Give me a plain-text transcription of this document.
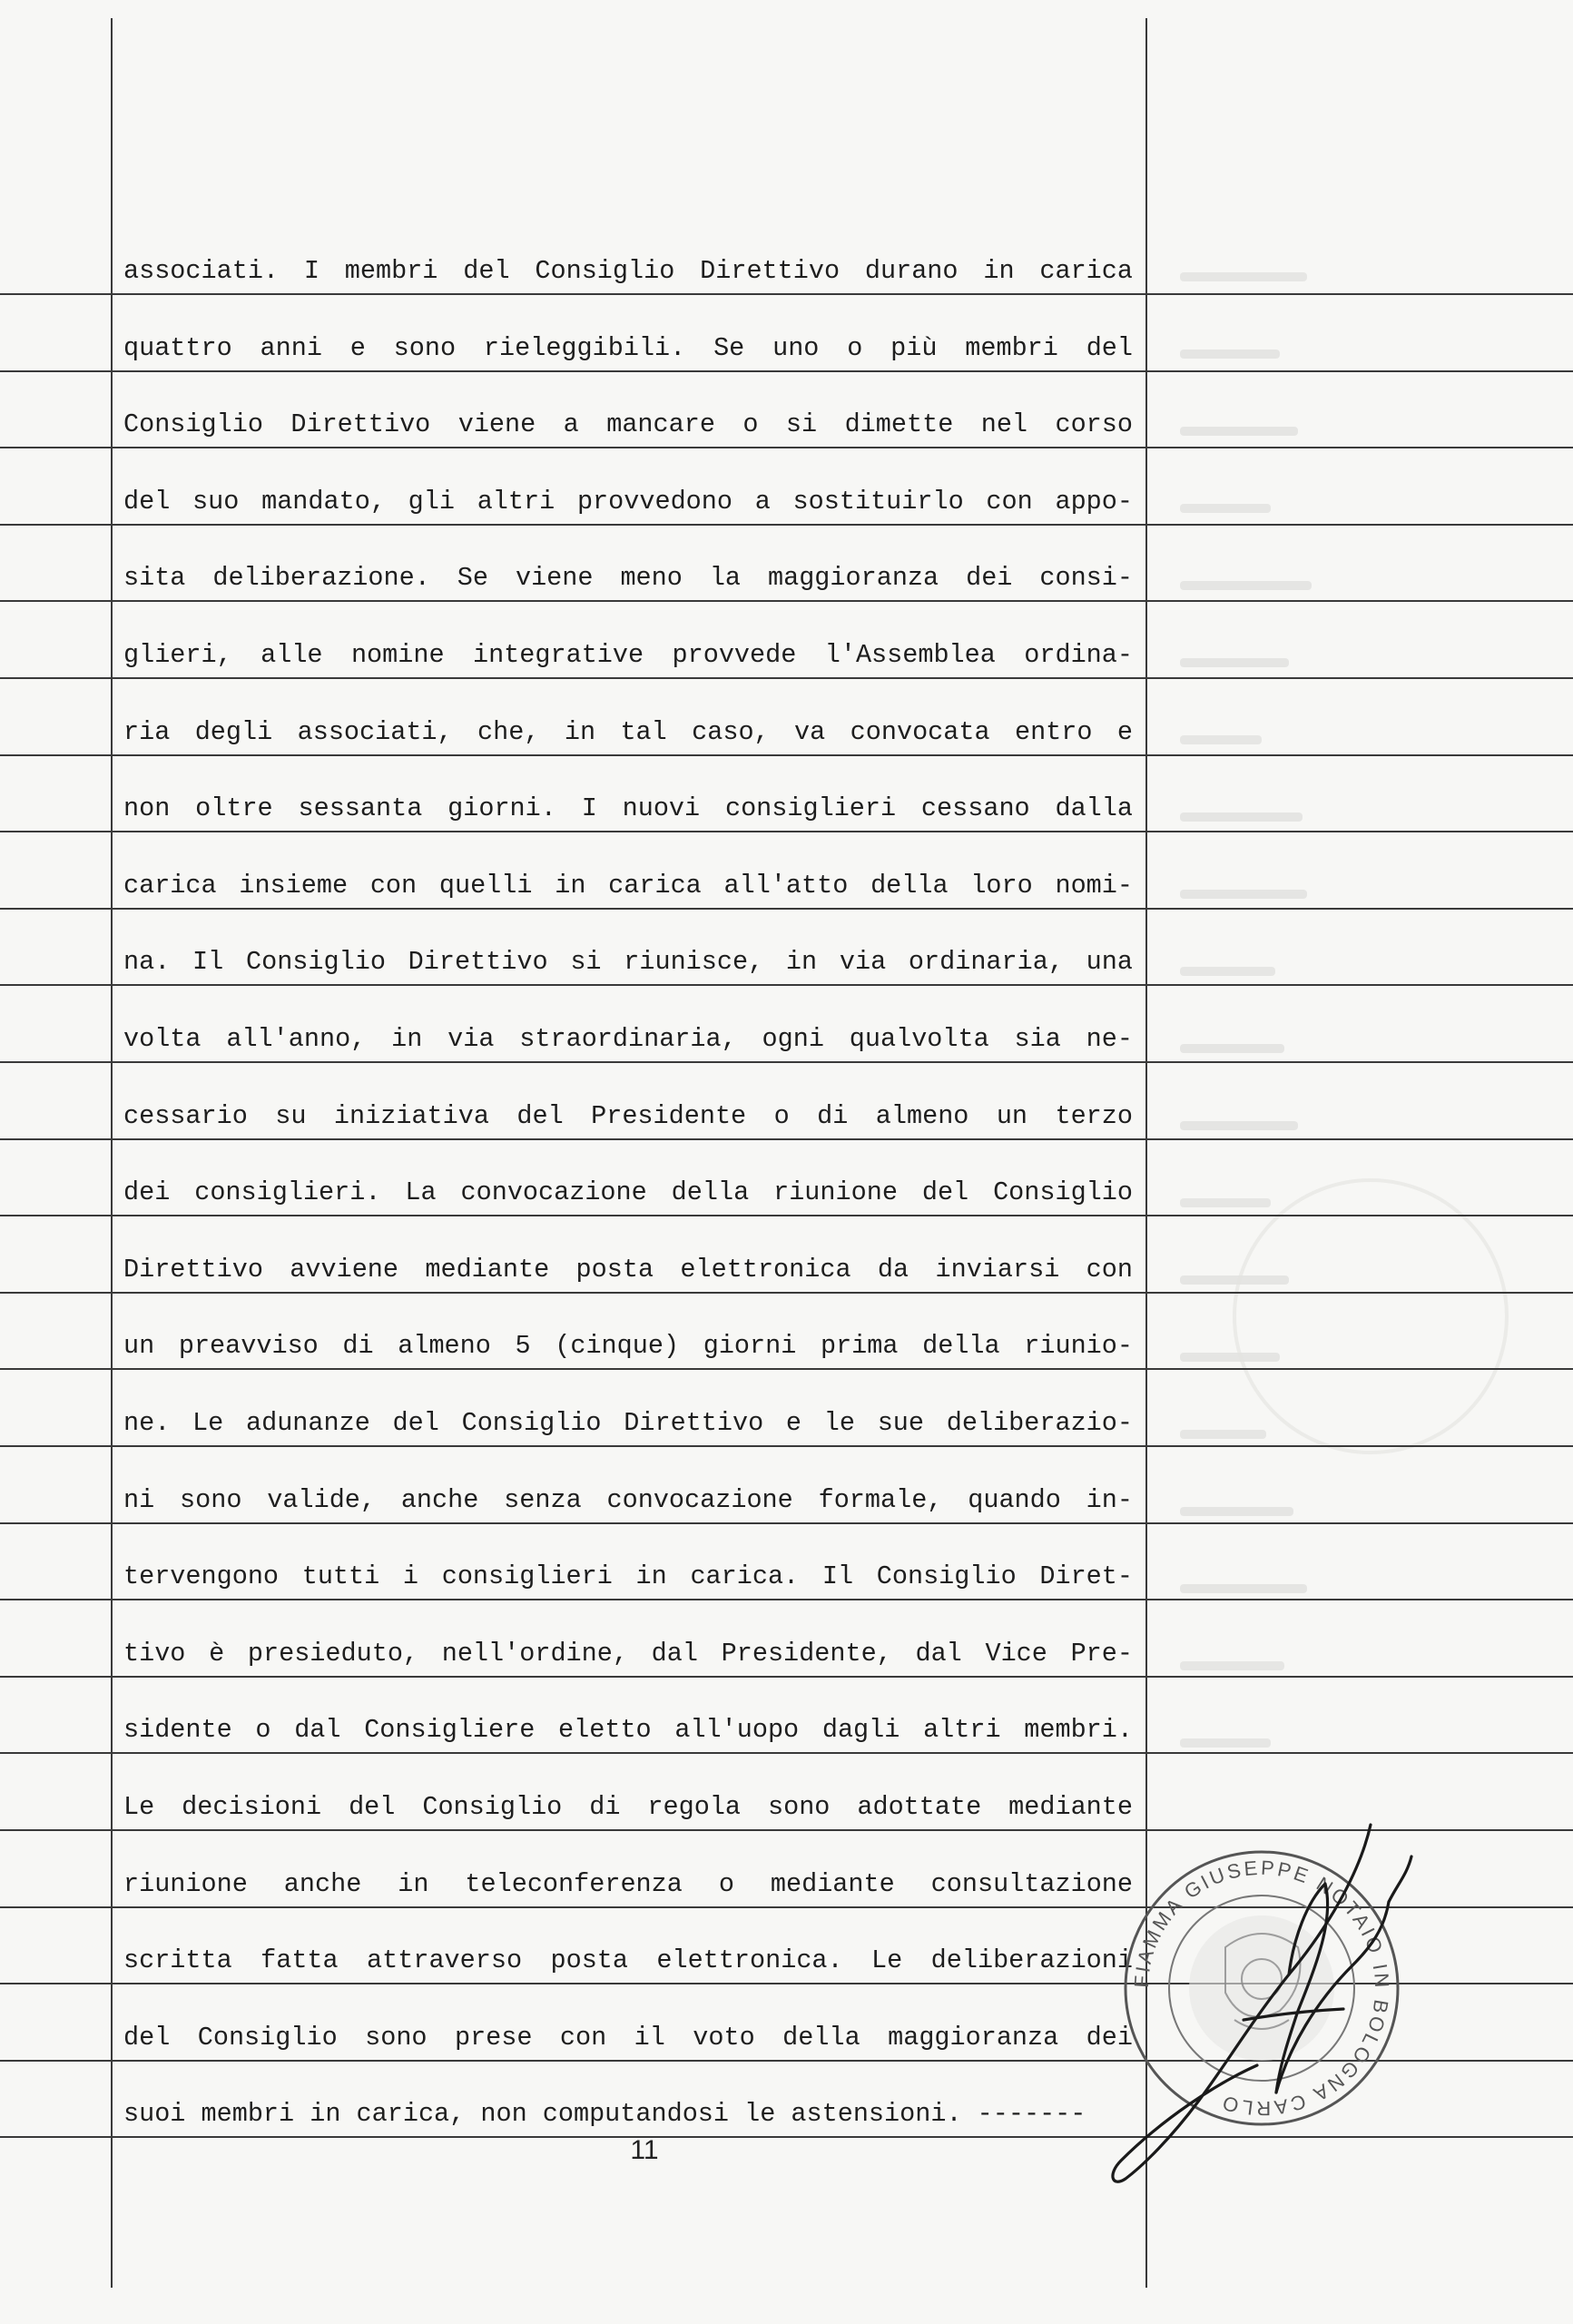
associati. I membri del Consiglio Direttivo durano in carica
quattro anni e sono rieleggibili. Se uno o più membri del
Consiglio Direttivo viene a mancare o si dimette nel corso
del suo mandato, gli altri provvedono a sostituirlo con appo-
sita deliberazione. Se viene meno la maggioranza dei consi-
glieri, alle nomine integrative provvede l'Assemblea ordina-
ria degli associati, che, in tal caso, va convocata entro e
non oltre sessanta giorni. I nuovi consiglieri cessano dalla
carica insieme con quelli in carica all'atto della loro nomi-
na. Il Consiglio Direttivo si riunisce, in via ordinaria, una
volta all'anno, in via straordinaria, ogni qualvolta sia ne-
cessario su iniziativa del Presidente o di almeno un terzo
dei consiglieri. La convocazione della riunione del Consiglio
Direttivo avviene mediante posta elettronica da inviarsi con
un preavviso di almeno 5 (cinque) giorni prima della riunio-
ne. Le adunanze del Consiglio Direttivo e le sue deliberazio-
ni sono valide, anche senza convocazione formale, quando in-
tervengono tutti i consiglieri in carica. Il Consiglio Diret-
tivo è presieduto, nell'ordine, dal Presidente, dal Vice Pre-
sidente o dal Consigliere eletto all'uopo dagli altri membri.
Le decisioni del Consiglio di regola sono adottate mediante
riunione anche in teleconferenza o mediante consultazione
scritta fatta attraverso posta elettronica. Le deliberazioni
del Consiglio sono prese con il voto della maggioranza dei
suoi membri in carica, non computandosi le astensioni. -------
11
FIAMMA GIUSEPPE NOTAIO IN BOLOGNA CARLO
